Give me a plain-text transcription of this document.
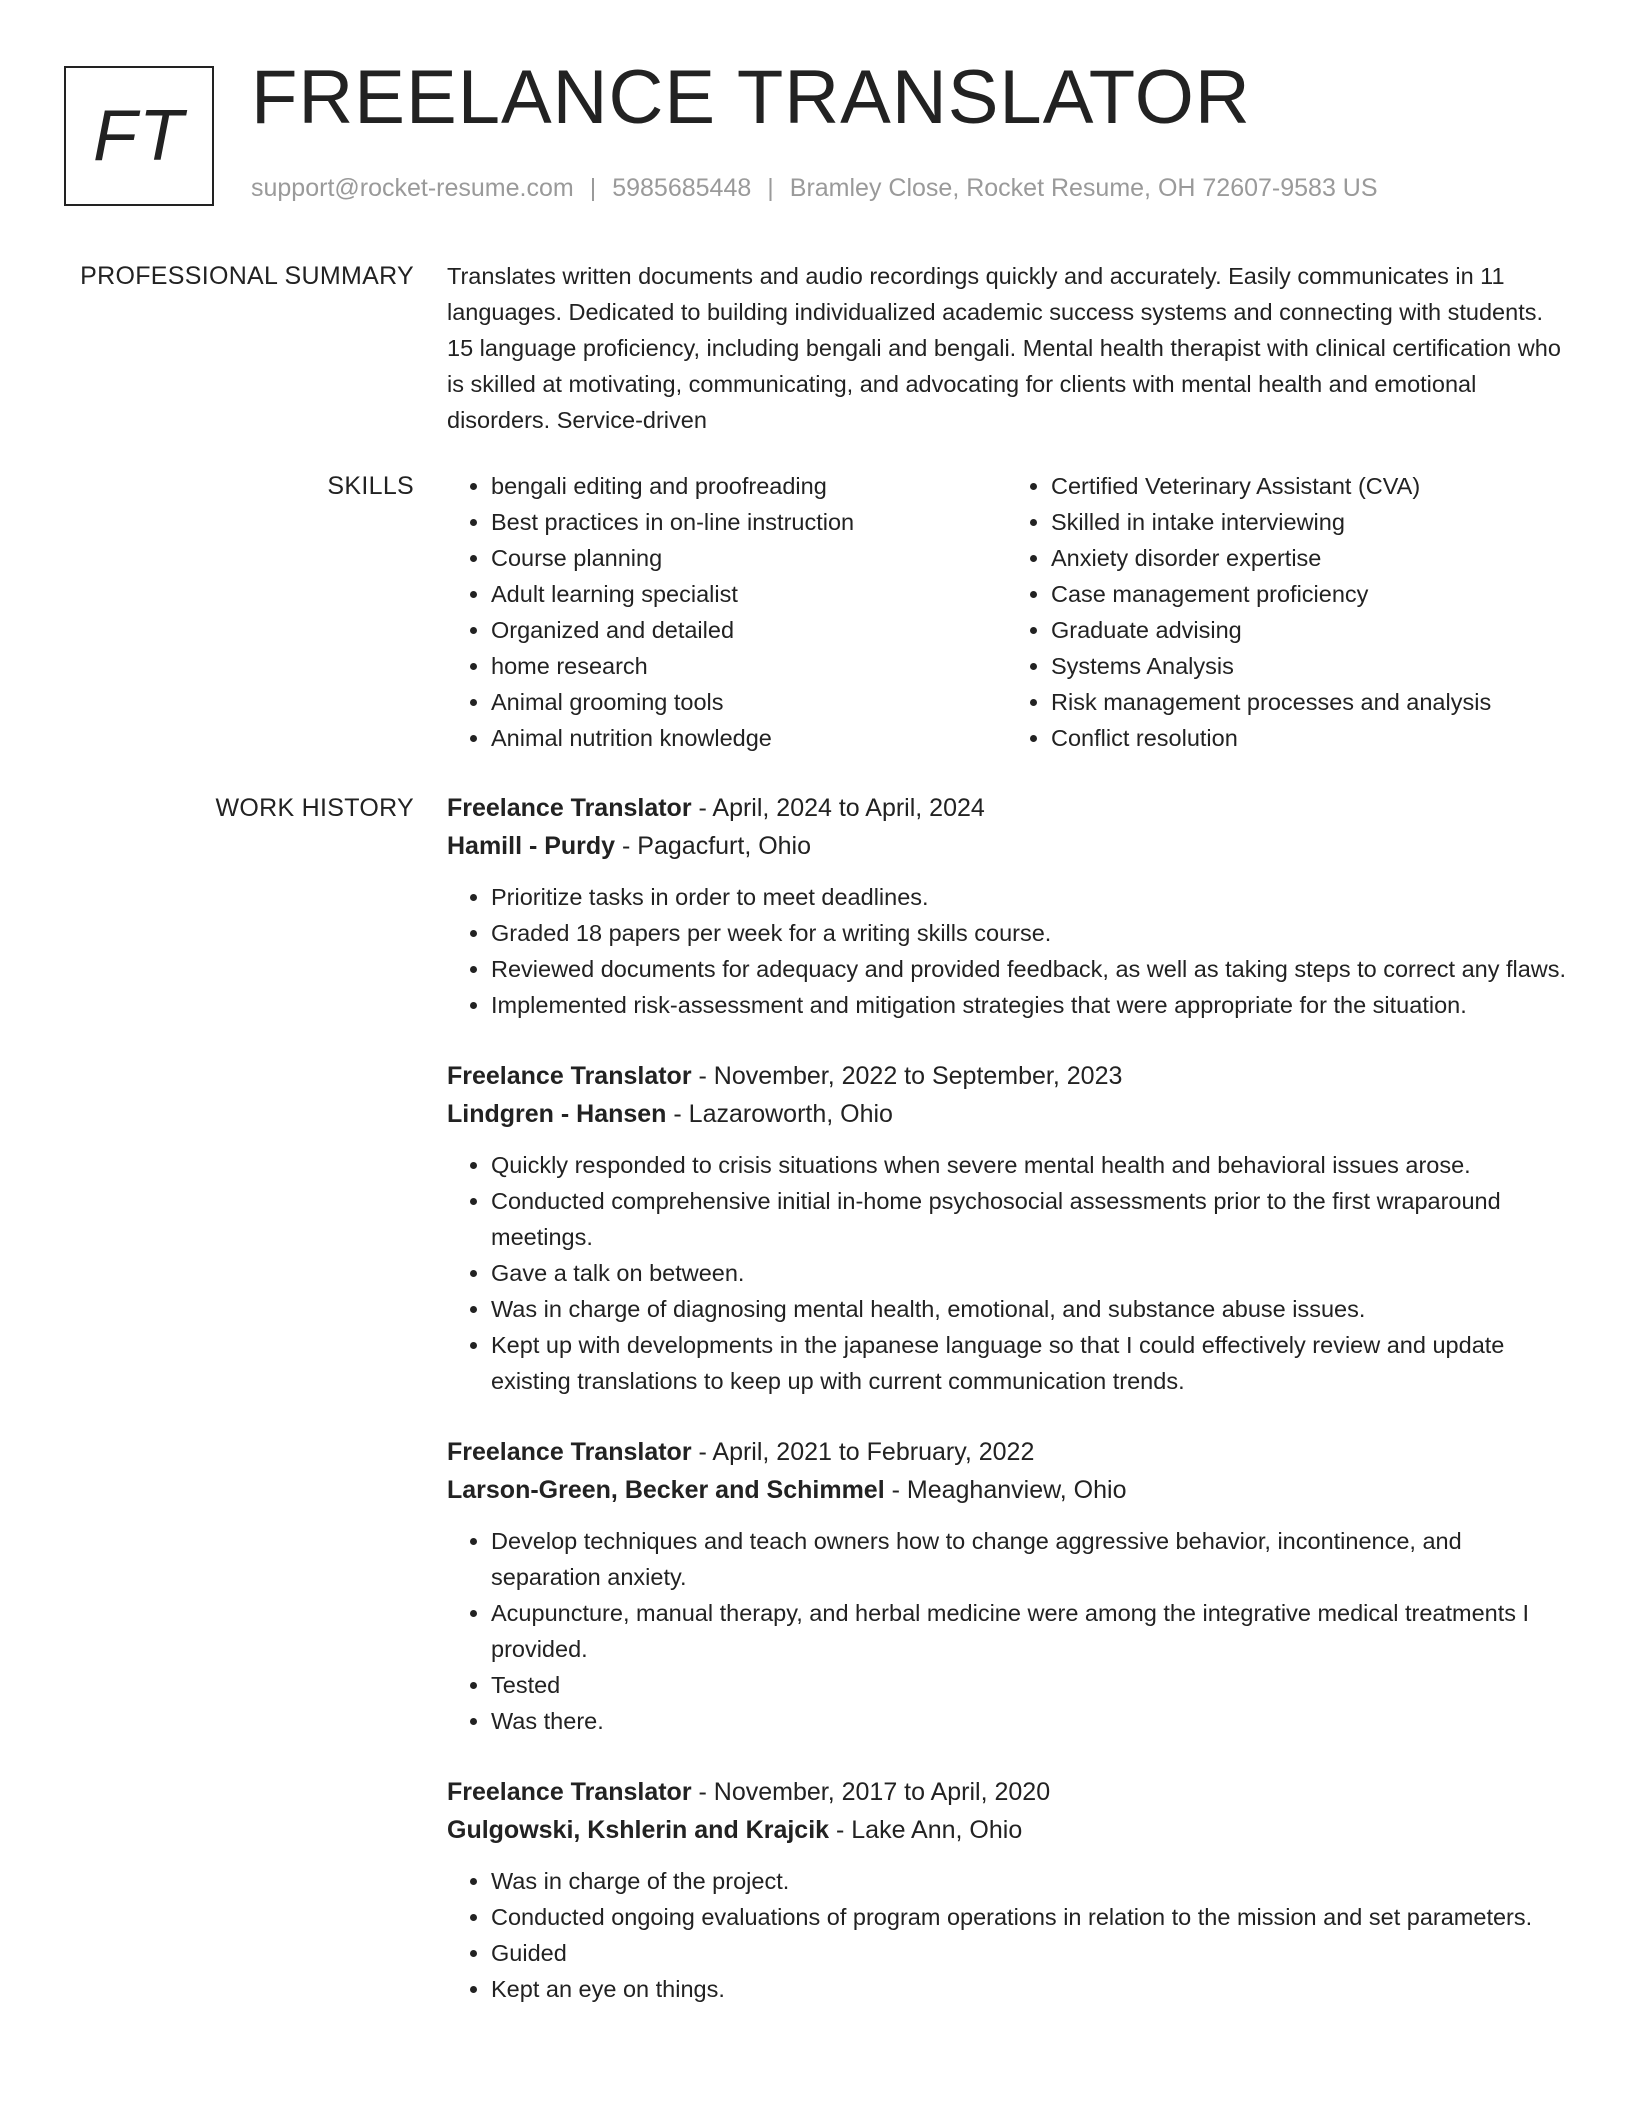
FT FREELANCE TRANSLATOR
support@rocket-resume.com | 5985685448 | Bramley Close, Rocket Resume, OH 72607-9583 US
PROFESSIONAL SUMMARY Translates written documents and audio recordings quickly and accurately. Easily communicates in 11 languages. Dedicated to building individualized academic success systems and connecting with students. 15 language proficiency, including bengali and bengali. Mental health therapist with clinical certification who is skilled at motivating, communicating, and advocating for clients with mental health and emotional disorders. Service-driven
SKILLS
•	bengali editing and proofreading
• Best practices in on-line instruction
• Course planning
• Adult learning specialist
• Organized and detailed
• home research
• Animal grooming tools
• Animal nutrition knowledge
• Certified Veterinary Assistant (CVA)
• Skilled in intake interviewing
• Anxiety disorder expertise
• Case management proficiency
• Graduate advising
• Systems Analysis
• Risk management processes and analysis
• Conflict resolution
WORK HISTORY Freelance Translator - April, 2024 to April, 2024
Hamill - Purdy - Pagacfurt, Ohio
• Prioritize tasks in order to meet deadlines.
• Graded 18 papers per week for a writing skills course.
• Reviewed documents for adequacy and provided feedback, as well as taking steps to correct any flaws.
• Implemented risk-assessment and mitigation strategies that were appropriate for the situation.
Freelance Translator - November, 2022 to September, 2023
Lindgren - Hansen - Lazaroworth, Ohio
• Quickly responded to crisis situations when severe mental health and behavioral issues arose.
• Conducted comprehensive initial in-home psychosocial assessments prior to the first wraparound meetings.
• Gave a talk on between.
• Was in charge of diagnosing mental health, emotional, and substance abuse issues.
• Kept up with developments in the japanese language so that I could effectively review and update existing translations to keep up with current communication trends.
Freelance Translator - April, 2021 to February, 2022
Larson-Green, Becker and Schimmel - Meaghanview, Ohio
• Develop techniques and teach owners how to change aggressive behavior, incontinence, and separation anxiety.
• Acupuncture, manual therapy, and herbal medicine were among the integrative medical treatments I provided.
• Tested
• Was there.
Freelance Translator - November, 2017 to April, 2020
Gulgowski, Kshlerin and Krajcik - Lake Ann, Ohio
• Was in charge of the project.
• Conducted ongoing evaluations of program operations in relation to the mission and set parameters.
• Guided
• Kept an eye on things.
